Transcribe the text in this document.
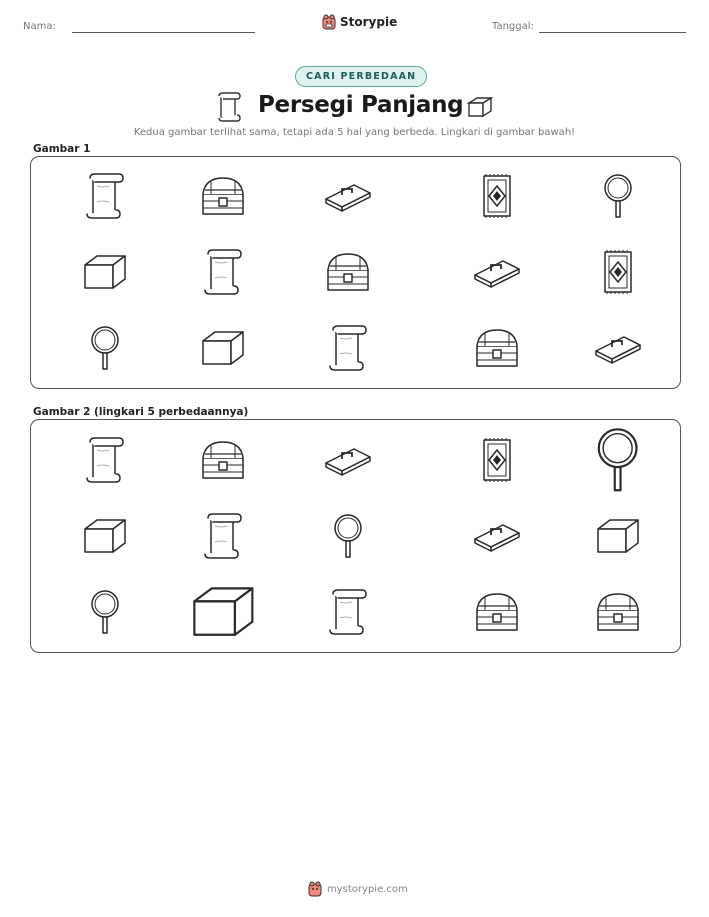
Nama:	Storypie	Tanggal:
CARI PERBEDAAN
Persegi Panjang
Kedua gambar terlihat sama, tetapi ada 5 hal yang berbeda. Lingkari di gambar bawah!
Gambar 1
Gambar 2 (lingkari 5 perbedaannya)
mystorypie.com
